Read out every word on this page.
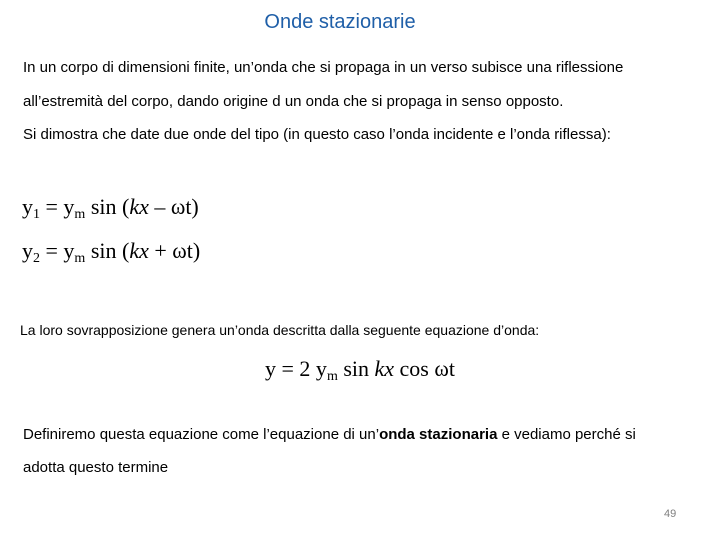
Onde stazionarie
In un corpo di dimensioni finite, un’onda che si propaga in un verso subisce una riflessione
all’estremità del corpo, dando origine d un onda che si propaga in senso opposto.
Si dimostra che date due onde del tipo (in questo caso l’onda incidente e l’onda riflessa):
$y_1 = y_m$ sin (kx – ωt)
$y_2 = y_m$ sin (kx + ωt)
La loro sovrapposizione genera un’onda descritta dalla seguente equazione d’onda:
y = 2 $y_m$ sin kx cos ωt
Definiremo questa equazione come l’equazione di un’onda stazionaria e vediamo perché si
adotta questo termine
49
